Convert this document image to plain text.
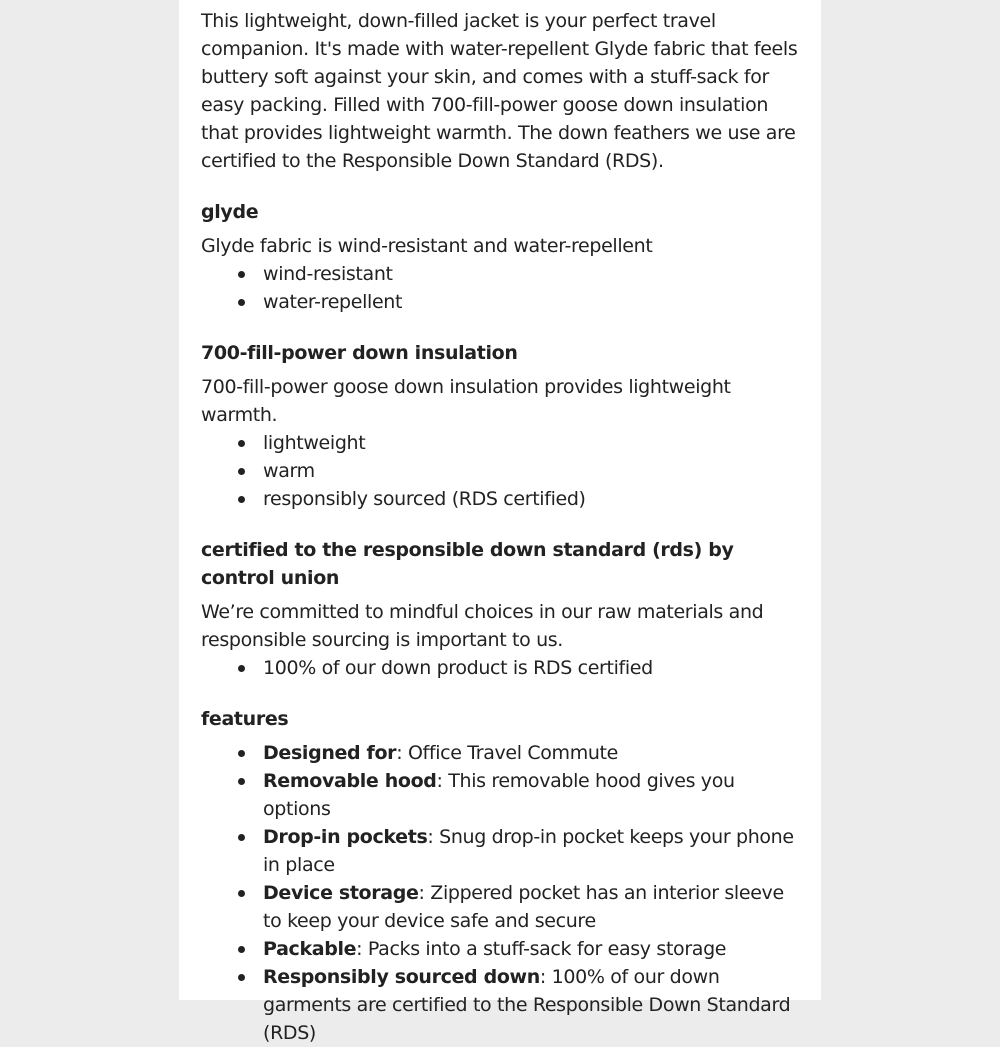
This lightweight, down-filled jacket is your perfect travel companion. It's made with water-repellent Glyde fabric that feels buttery soft against your skin, and comes with a stuff-sack for easy packing. Filled with 700-fill-power goose down insulation that provides lightweight warmth. The down feathers we use are certified to the Responsible Down Standard (RDS).

glyde

Glyde fabric is wind-resistant and water-repellent

wind-resistant
water-repellent

700-fill-power down insulation

700-fill-power goose down insulation provides lightweight warmth.

lightweight
warm
responsibly sourced (RDS certified)

certified to the responsible down standard (rds) by control union

We’re committed to mindful choices in our raw materials and responsible sourcing is important to us.

100% of our down product is RDS certified

features

Designed for: Office Travel Commute
Removable hood: This removable hood gives you options
Drop-in pockets: Snug drop-in pocket keeps your phone in place
Device storage: Zippered pocket has an interior sleeve to keep your device safe and secure
Packable: Packs into a stuff-sack for easy storage
Responsibly sourced down: 100% of our down garments are certified to the Responsible Down Standard (RDS)
